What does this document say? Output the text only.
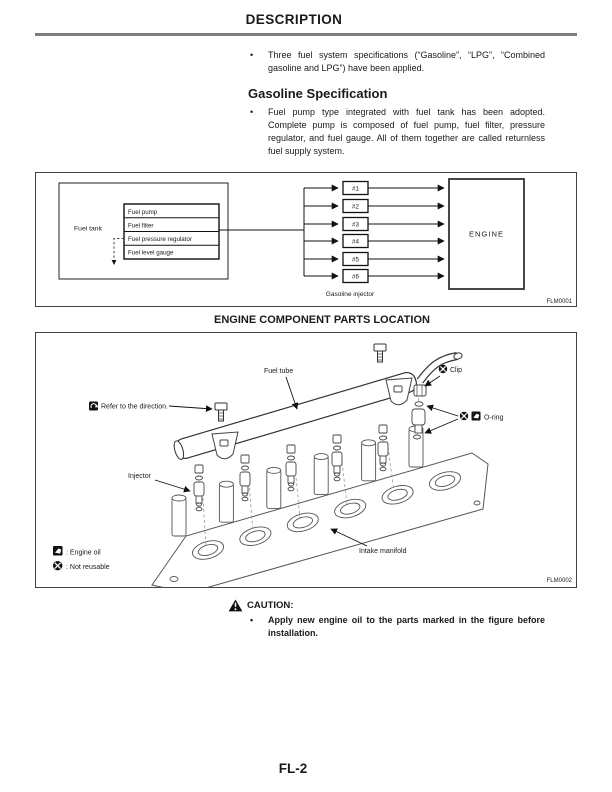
DESCRIPTION
•	Three fuel system specifications (“Gasoline”, “LPG”, “Combined gasoline and LPG”) have been applied.
Gasoline Specification
•	Fuel pump type integrated with fuel tank has been adopted. Complete pump is composed of fuel pump, fuel filter, pressure regulator, and fuel gauge. All of them together are called returnless fuel supply system.
Fuel tank
Fuel pump
Fuel filter
Fuel pressure regulator
Fuel level gauge
#1
#2
#3
#4
#5
#6
ENGINE
Gasoline injector
FLM0001
ENGINE COMPONENT PARTS LOCATION
Fuel tube	Clip
Refer to the direction.
O-ring
Injector
Intake manifold
: Engine oil
: Not reusable
FLM0002
CAUTION:
•	Apply new engine oil to the parts marked in the figure before installation.
FL-2
